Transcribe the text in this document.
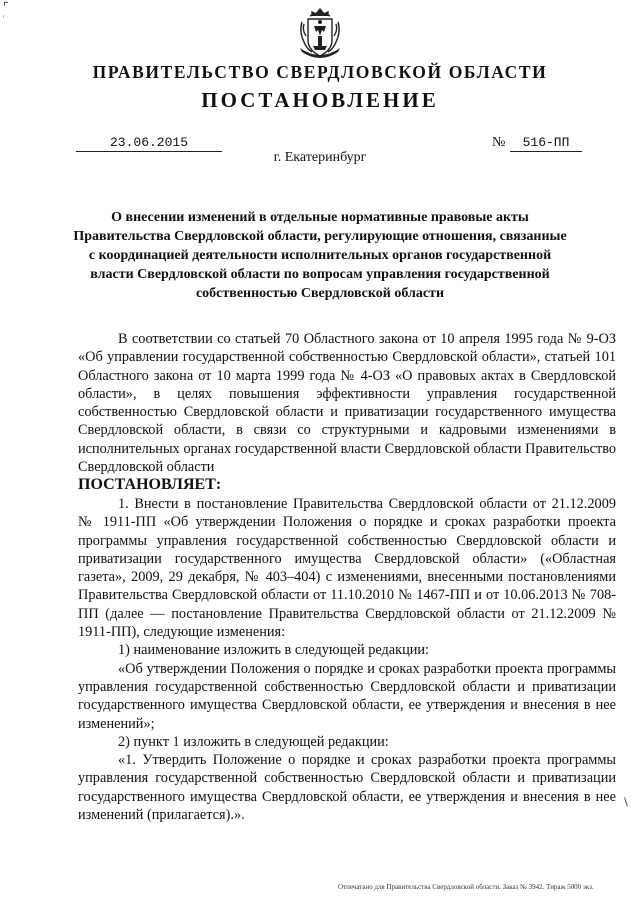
⌜
'
∖
ПРАВИТЕЛЬСТВО СВЕРДЛОВСКОЙ ОБЛАСТИ
ПОСТАНОВЛЕНИЕ
23.06.2015	№	516-ПП
г. Екатеринбург
О внесении изменений в отдельные нормативные правовые акты Правительства Свердловской области, регулирующие отношения, связанные с координацией деятельности исполнительных органов государственной власти Свердловской области по вопросам управления государственной собственностью Свердловской области

В соответствии со статьей 70 Областного закона от 10 апреля 1995 года № 9-ОЗ «Об управлении государственной собственностью Свердловской области», статьей 101 Областного закона от 10 марта 1999 года № 4-ОЗ «О правовых актах в Свердловской области», в целях повышения эффективности управления государственной собственностью Свердловской области и приватизации государственного имущества Свердловской области, в связи со структурными и кадровыми изменениями в исполнительных органах государственной власти Свердловской области Правительство Свердловской области

ПОСТАНОВЛЯЕТ:

1. Внести в постановление Правительства Свердловской области от 21.12.2009 № 1911-ПП «Об утверждении Положения о порядке и сроках разработки проекта программы управления государственной собственностью Свердловской области и приватизации государственного имущества Свердловской области» («Областная газета», 2009, 29 декабря, № 403–404) с изменениями, внесенными постановлениями Правительства Свердловской области от 11.10.2010 № 1467-ПП и от 10.06.2013 № 708-ПП (далее — постановление Правительства Свердловской области от 21.12.2009 № 1911-ПП), следующие изменения:

1) наименование изложить в следующей редакции:

«Об утверждении Положения о порядке и сроках разработки проекта программы управления государственной собственностью Свердловской области и приватизации государственного имущества Свердловской области, ее утверждения и внесения в нее изменений»;

2) пункт 1 изложить в следующей редакции:

«1. Утвердить Положение о порядке и сроках разработки проекта программы управления государственной собственностью Свердловской области и приватизации государственного имущества Свердловской области, ее утверждения и внесения в нее изменений (прилагается).».

Отпечатано для Правительства Свердловской области. Заказ № 3942. Тираж 5000 экз.
